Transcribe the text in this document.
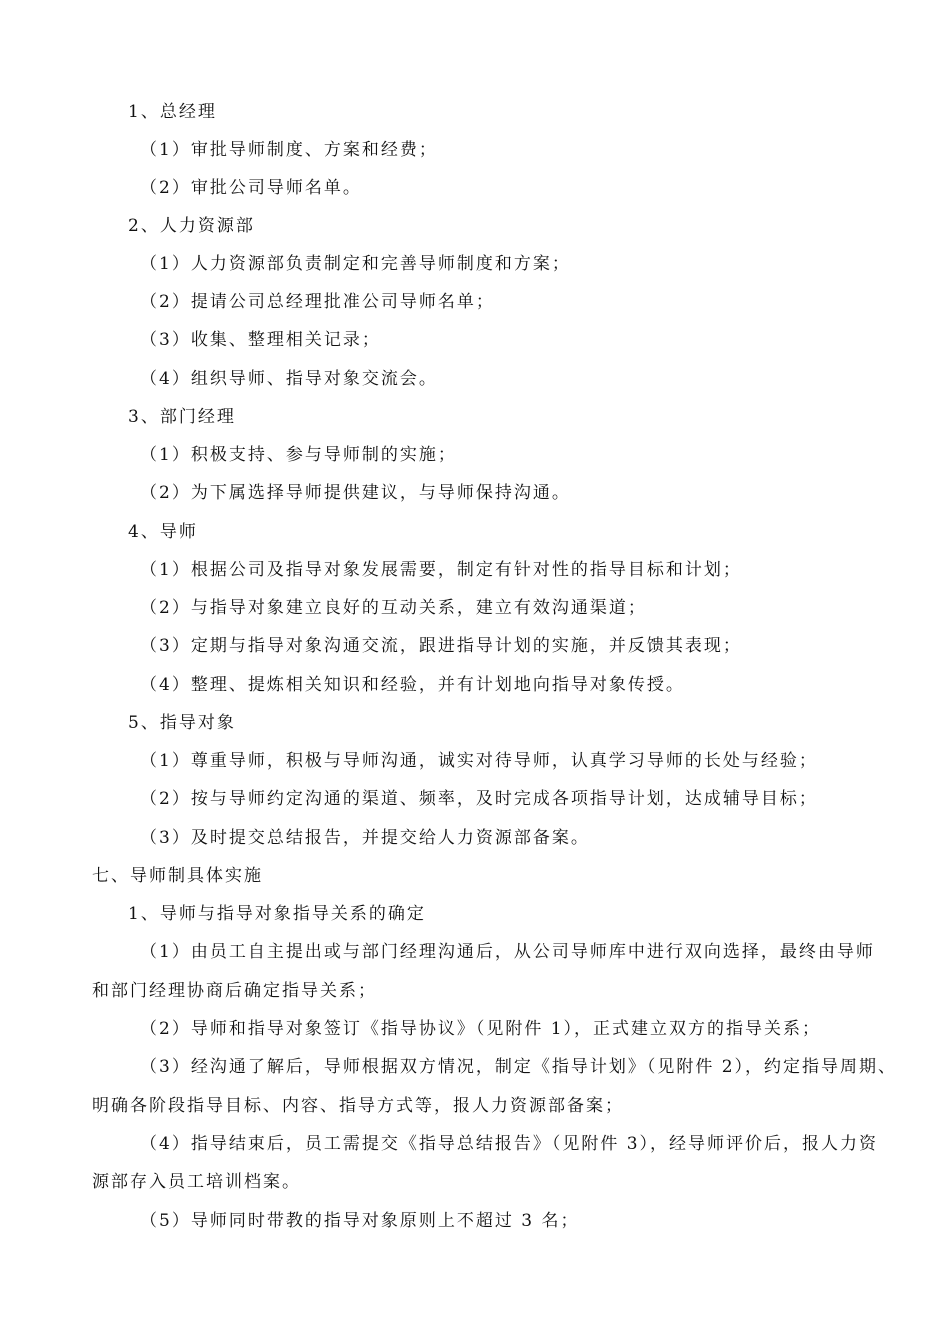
1、总经理
（1）审批导师制度、方案和经费；
（2）审批公司导师名单。
2、人力资源部
（1）人力资源部负责制定和完善导师制度和方案；
（2）提请公司总经理批准公司导师名单；
（3）收集、整理相关记录；
（4）组织导师、指导对象交流会。
3、部门经理
（1）积极支持、参与导师制的实施；
（2）为下属选择导师提供建议，与导师保持沟通。
4、导师
（1）根据公司及指导对象发展需要，制定有针对性的指导目标和计划；
（2）与指导对象建立良好的互动关系，建立有效沟通渠道；
（3）定期与指导对象沟通交流，跟进指导计划的实施，并反馈其表现；
（4）整理、提炼相关知识和经验，并有计划地向指导对象传授。
5、指导对象
（1）尊重导师，积极与导师沟通，诚实对待导师，认真学习导师的长处与经验；
（2）按与导师约定沟通的渠道、频率，及时完成各项指导计划，达成辅导目标；
（3）及时提交总结报告，并提交给人力资源部备案。
七、导师制具体实施
1、导师与指导对象指导关系的确定
（1）由员工自主提出或与部门经理沟通后，从公司导师库中进行双向选择，最终由导师
和部门经理协商后确定指导关系；
（2）导师和指导对象签订《指导协议》（见附件 1），正式建立双方的指导关系；
（3）经沟通了解后，导师根据双方情况，制定《指导计划》（见附件 2），约定指导周期、
明确各阶段指导目标、内容、指导方式等，报人力资源部备案；
（4）指导结束后，员工需提交《指导总结报告》（见附件 3），经导师评价后，报人力资
源部存入员工培训档案。
（5）导师同时带教的指导对象原则上不超过 3 名；
